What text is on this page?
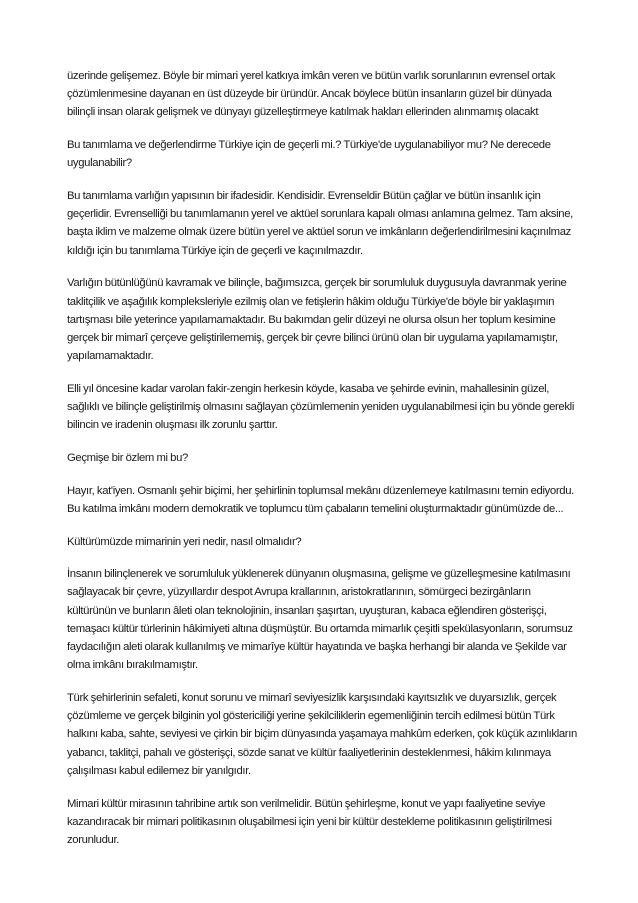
üzerinde gelişemez. Böyle bir mimari yerel katkıya imkân veren ve bütün varlık sorunlarının evrensel ortak çözümlenmesine dayanan en üst düzeyde bir üründür. Ancak böylece bütün insanların güzel bir dünyada bilinçli insan olarak gelişmek ve dünyayı güzelleştirmeye katılmak hakları ellerinden alınmamış olacakt

Bu tanımlama ve değerlendirme Türkiye için de geçerli mi.? Türkiye'de uygulanabiliyor mu? Ne derecede uygulanabilir?

Bu tanımlama varlığın yapısının bir ifadesidir. Kendisidir. Evrenseldir Bütün çağlar ve bütün insanlık için geçerlidir. Evrenselliği bu tanımlamanın yerel ve aktüel sorunlara kapalı olması anlamına gelmez. Tam aksine, başta iklim ve malzeme olmak üzere bütün yerel ve aktüel sorun ve imkânların değerlendirilmesini kaçınılmaz kıldığı için bu tanımlama Türkiye için de geçerli ve kaçınılmazdır.

Varlığın bütünlüğünü kavramak ve bilinçle, bağımsızca, gerçek bir sorumluluk duygusuyla davranmak yerine taklitçilik ve aşağılık kompleksleriyle ezilmiş olan ve fetişlerin hâkim olduğu Türkiye'de böyle bir yaklaşımın tartışması bile yeterince yapılamamaktadır. Bu bakımdan gelir düzeyi ne olursa olsun her toplum kesimine gerçek bir mimarî çerçeve geliştirilememiş, gerçek bir çevre bilinci ürünü olan bir uygulama yapılamamıştır, yapılamamaktadır.

Elli yıl öncesine kadar varolan fakir-zengin herkesin köyde, kasaba ve şehirde evinin, mahallesinin güzel, sağlıklı ve bilinçle geliştirilmiş olmasını sağlayan çözümlemenin yeniden uygulanabilmesi için bu yönde gerekli bilincin ve iradenin oluşması ilk zorunlu şarttır.

Geçmişe bir özlem mi bu?

Hayır, kat'iyen. Osmanlı şehir biçimi, her şehirlinin toplumsal mekânı düzenlemeye katılmasını temin ediyordu. Bu katılma imkânı modern demokratik ve toplumcu tüm çabaların temelini oluşturmaktadır günümüzde de...

Kültürümüzde mimarinin yeri nedir, nasıl olmalıdır?

İnsanın bilinçlenerek ve sorumluluk yüklenerek dünyanın oluşmasına, gelişme ve güzelleşmesine katılmasını sağlayacak bir çevre, yüzyıllardır despot Avrupa krallarının, aristokratlarının, sömürgeci bezirgânların kültürünün ve bunların âleti olan teknolojinin, insanları şaşırtan, uyuşturan, kabaca eğlendiren gösterişçi, temaşacı kültür türlerinin hâkimiyeti altına düşmüştür. Bu ortamda mimarlık çeşitli spekülasyonların, sorumsuz faydacılığın aleti olarak kullanılmış ve mimarîye kültür hayatında ve başka herhangi bir alanda ve Şekilde var olma imkânı bırakılmamıştır.

Türk şehirlerinin sefaleti, konut sorunu ve mimarî seviyesizlik karşısındaki kayıtsızlık ve duyarsızlık, gerçek çözümleme ve gerçek bilginin yol göstericiliği yerine şekilciliklerin egemenliğinin tercih edilmesi bütün Türk halkını kaba, sahte, seviyesi ve çirkin bir biçim dünyasında yaşamaya mahkûm ederken, çok küçük azınlıkların yabancı, taklitçi, pahalı ve gösterişçi, sözde sanat ve kültür faaliyetlerinin desteklenmesi, hâkim kılınmaya çalışılması kabul edilemez bir yanılgıdır.

Mimari kültür mirasının tahribine artık son verilmelidir. Bütün şehirleşme, konut ve yapı faaliyetine seviye kazandıracak bir mimari politikasının oluşabilmesi için yeni bir kültür destekleme politikasının geliştirilmesi zorunludur.
